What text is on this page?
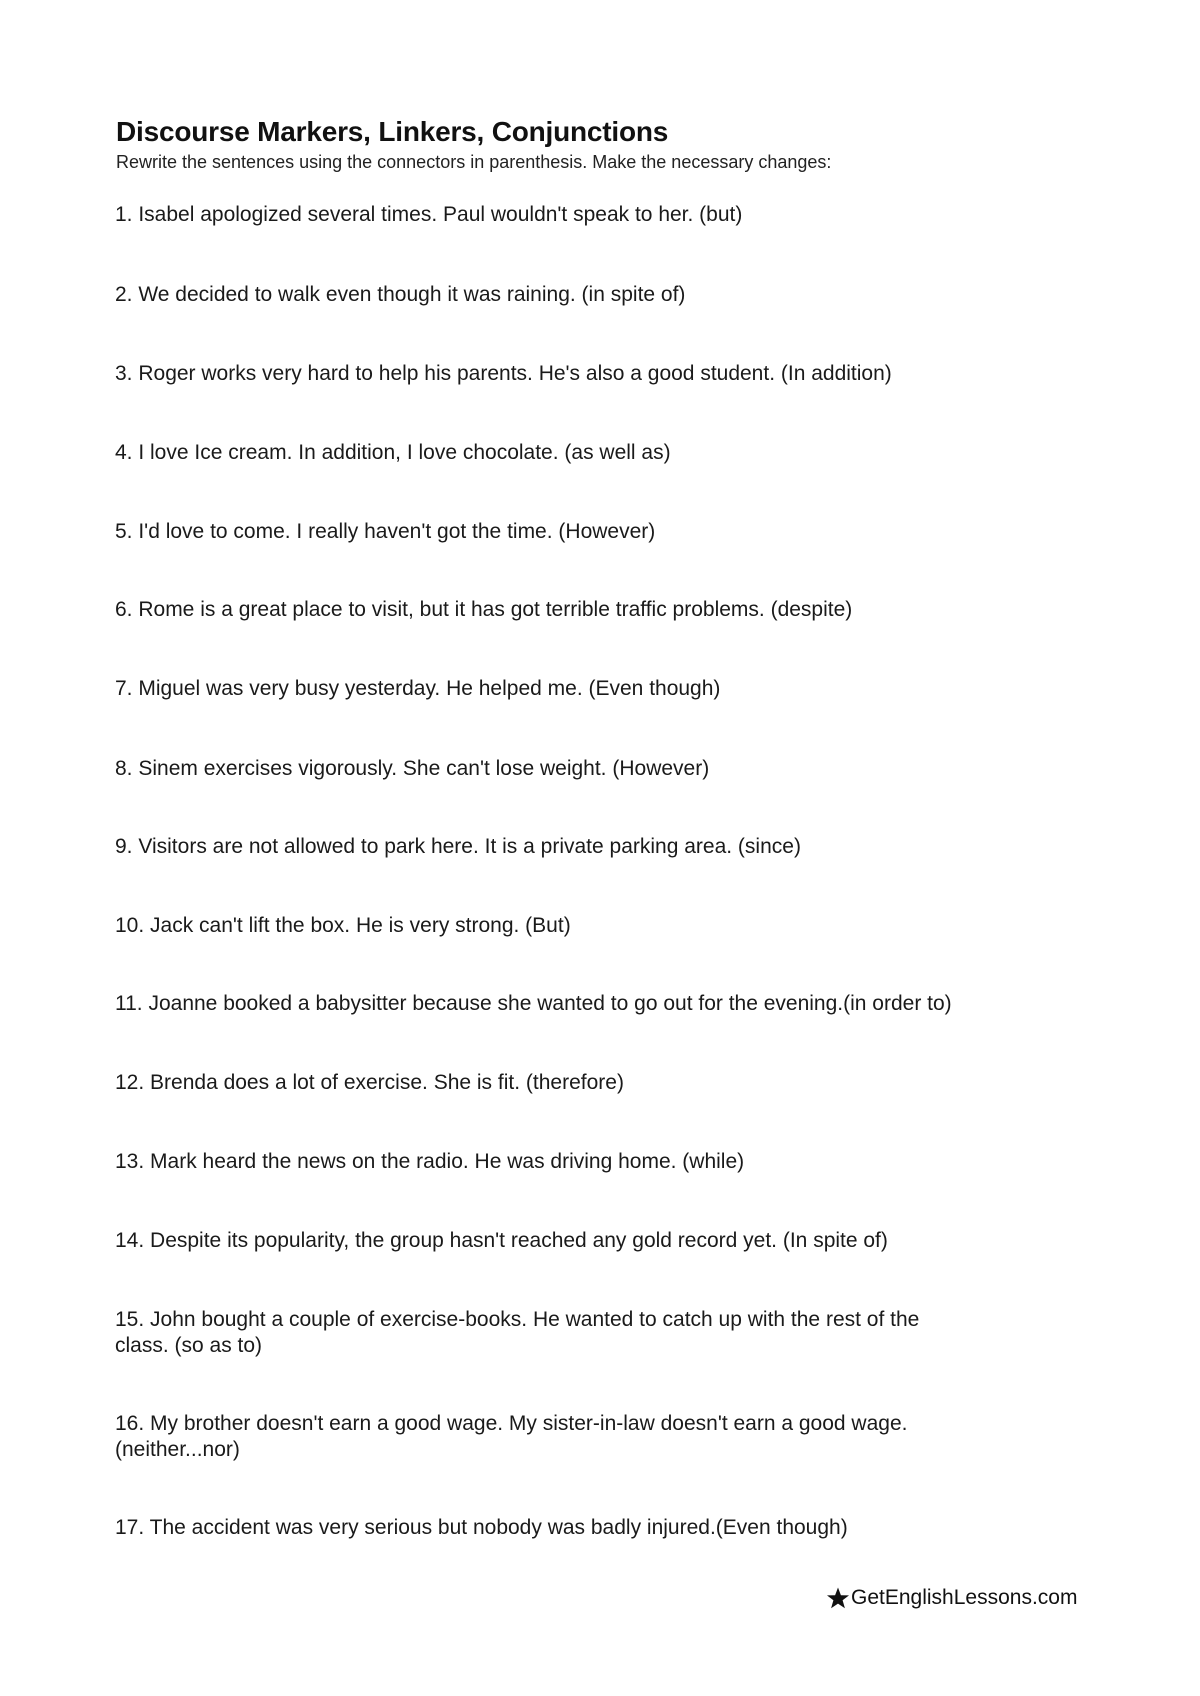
Discourse Markers, Linkers, Conjunctions

Rewrite the sentences using the connectors in parenthesis. Make the necessary changes:

1. Isabel apologized several times. Paul wouldn't speak to her. (but)

2. We decided to walk even though it was raining. (in spite of)

3. Roger works very hard to help his parents. He's also a good student. (In addition)

4. I love Ice cream. In addition, I love chocolate. (as well as)

5. I'd love to come. I really haven't got the time. (However)

6. Rome is a great place to visit, but it has got terrible traffic problems. (despite)

7. Miguel was very busy yesterday. He helped me. (Even though)

8. Sinem exercises vigorously. She can't lose weight. (However)

9. Visitors are not allowed to park here. It is a private parking area. (since)

10. Jack can't lift the box. He is very strong. (But)

11. Joanne booked a babysitter because she wanted to go out for the evening.(in order to)

12. Brenda does a lot of exercise. She is fit. (therefore)

13. Mark heard the news on the radio. He was driving home. (while)

14. Despite its popularity, the group hasn't reached any gold record yet. (In spite of)

15. John bought a couple of exercise-books. He wanted to catch up with the rest of the class. (so as to)

16. My brother doesn't earn a good wage. My sister-in-law doesn't earn a good wage. (neither...nor)

17. The accident was very serious but nobody was badly injured.(Even though)

GetEnglishLessons.com
